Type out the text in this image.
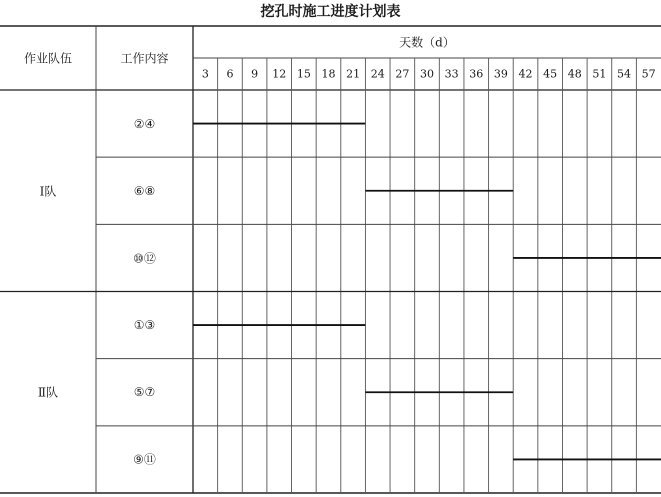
挖孔时施工进度计划表
作业队伍	工作内容
天数（d）
3 6 9 12 15 18 21 24 27 30 33 36 39 42 45 48 51 54 57
Ⅰ队
②④
⑥⑧
⑩⑫
Ⅱ队
①③
⑤⑦
⑨⑪
